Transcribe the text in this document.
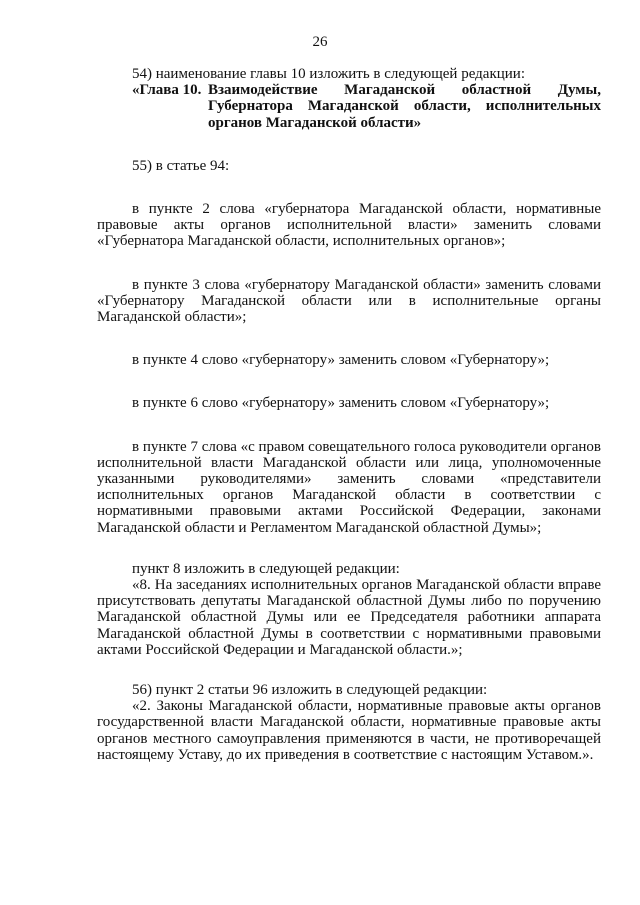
26

54) наименование главы 10 изложить в следующей редакции:

«Глава 10. Взаимодействие Магаданской областной Думы, Губернатора Магаданской области, исполнительных органов Магаданской области»

55) в статье 94:

в пункте 2 слова «губернатора Магаданской области, нормативные правовые акты органов исполнительной власти» заменить словами «Губернатора Магаданской области, исполнительных органов»;

в пункте 3 слова «губернатору Магаданской области» заменить словами «Губернатору Магаданской области или в исполнительные органы Магаданской области»;

в пункте 4 слово «губернатору» заменить словом «Губернатору»;

в пункте 6 слово «губернатору» заменить словом «Губернатору»;

в пункте 7 слова «с правом совещательного голоса руководители органов исполнительной власти Магаданской области или лица, уполномоченные указанными руководителями» заменить словами «представители исполнительных органов Магаданской области в соответствии с нормативными правовыми актами Российской Федерации, законами Магаданской области и Регламентом Магаданской областной Думы»;

пункт 8 изложить в следующей редакции:

«8. На заседаниях исполнительных органов Магаданской области вправе присутствовать депутаты Магаданской областной Думы либо по поручению Магаданской областной Думы или ее Председателя работники аппарата Магаданской областной Думы в соответствии с нормативными правовыми актами Российской Федерации и Магаданской области.»;

56) пункт 2 статьи 96 изложить в следующей редакции:

«2. Законы Магаданской области, нормативные правовые акты органов государственной власти Магаданской области, нормативные правовые акты органов местного самоуправления применяются в части, не противоречащей настоящему Уставу, до их приведения в соответствие с настоящим Уставом.».
